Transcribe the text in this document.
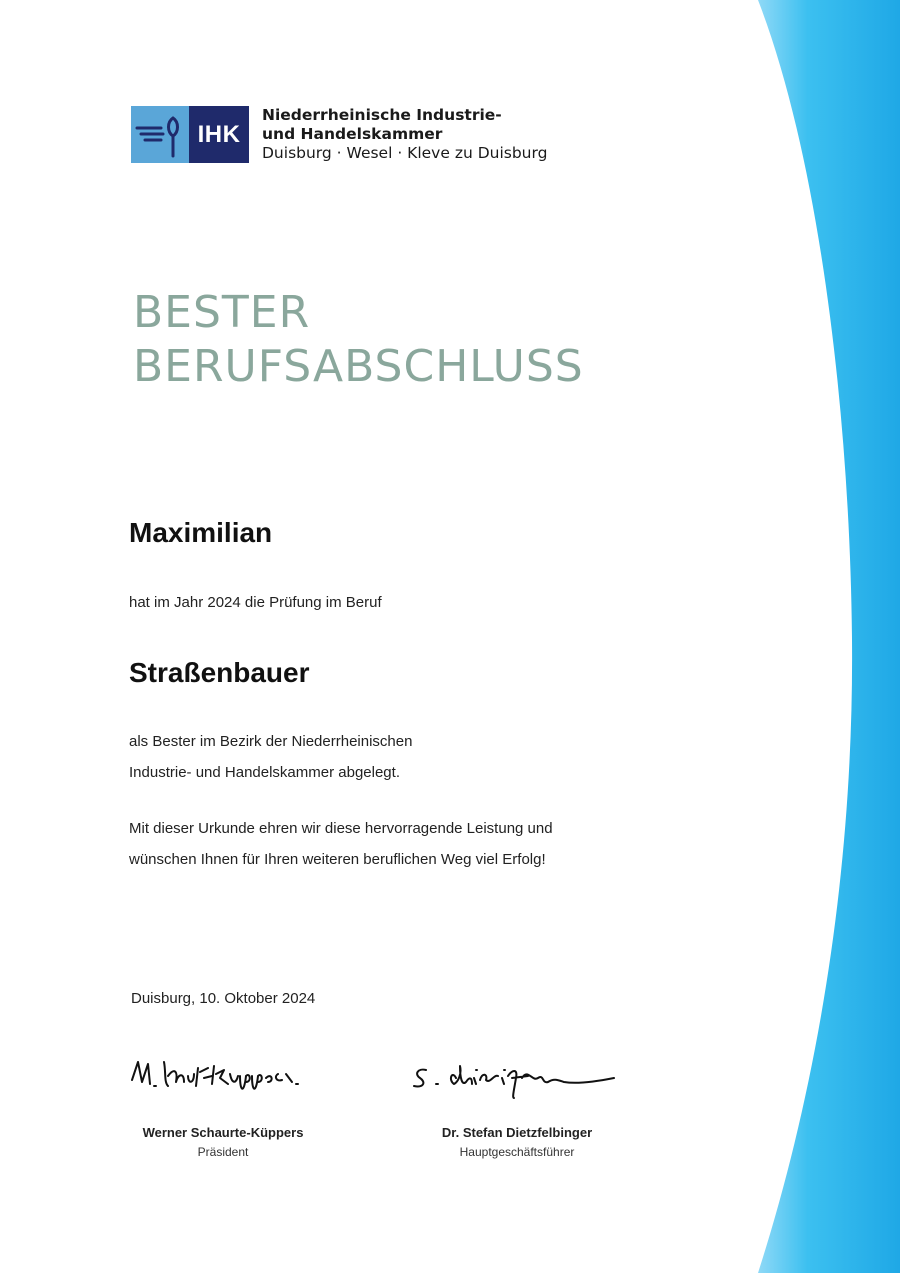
IHK
Niederrheinische Industrie-
und Handelskammer
Duisburg · Wesel · Kleve zu Duisburg
BESTER
BERUFSABSCHLUSS
Maximilian
hat im Jahr 2024 die Prüfung im Beruf
Straßenbauer
als Bester im Bezirk der Niederrheinischen
Industrie- und Handelskammer abgelegt.
Mit dieser Urkunde ehren wir diese hervorragende Leistung und
wünschen Ihnen für Ihren weiteren beruflichen Weg viel Erfolg!
Duisburg, 10. Oktober 2024
Werner Schaurte-Küppers
Präsident
Dr. Stefan Dietzfelbinger
Hauptgeschäftsführer
